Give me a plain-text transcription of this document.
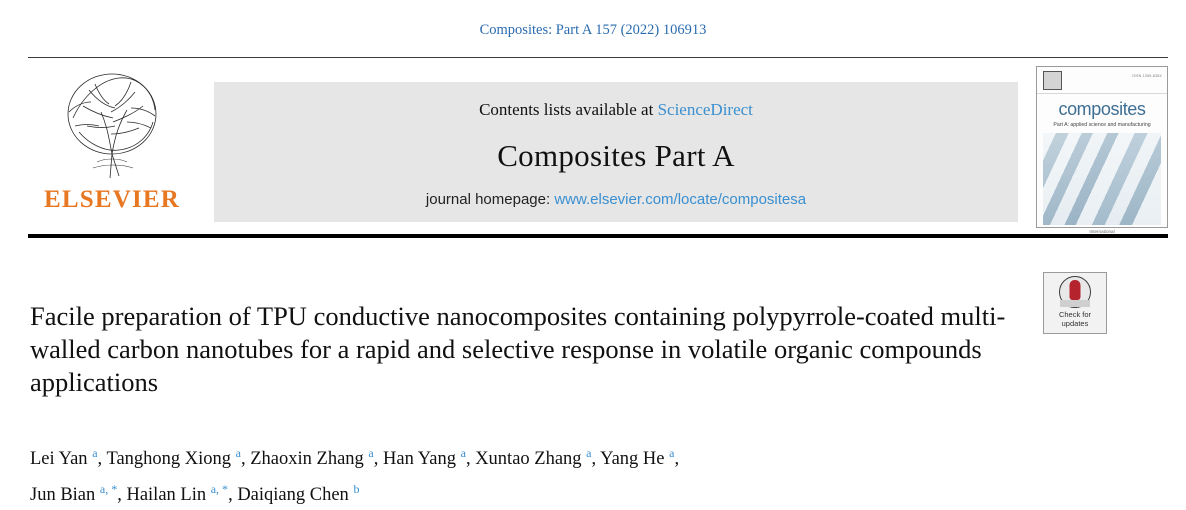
Composites: Part A 157 (2022) 106913
ELSEVIER
Contents lists available at ScienceDirect
Composites Part A
journal homepage: www.elsevier.com/locate/compositesa
ISSN 1359-835X
composites
Part A: applied science and manufacturing
International
Check for
updates
Facile preparation of TPU conductive nanocomposites containing polypyrrole-coated multi-walled carbon nanotubes for a rapid and selective response in volatile organic compounds applications
Lei Yan $^a$, Tanghong Xiong $^a$, Zhaoxin Zhang $^a$, Han Yang $^a$, Xuntao Zhang $^a$, Yang He $^a$,
Jun Bian $^{a, *}$, Hailan Lin $^{a, *}$, Daiqiang Chen $^b$
